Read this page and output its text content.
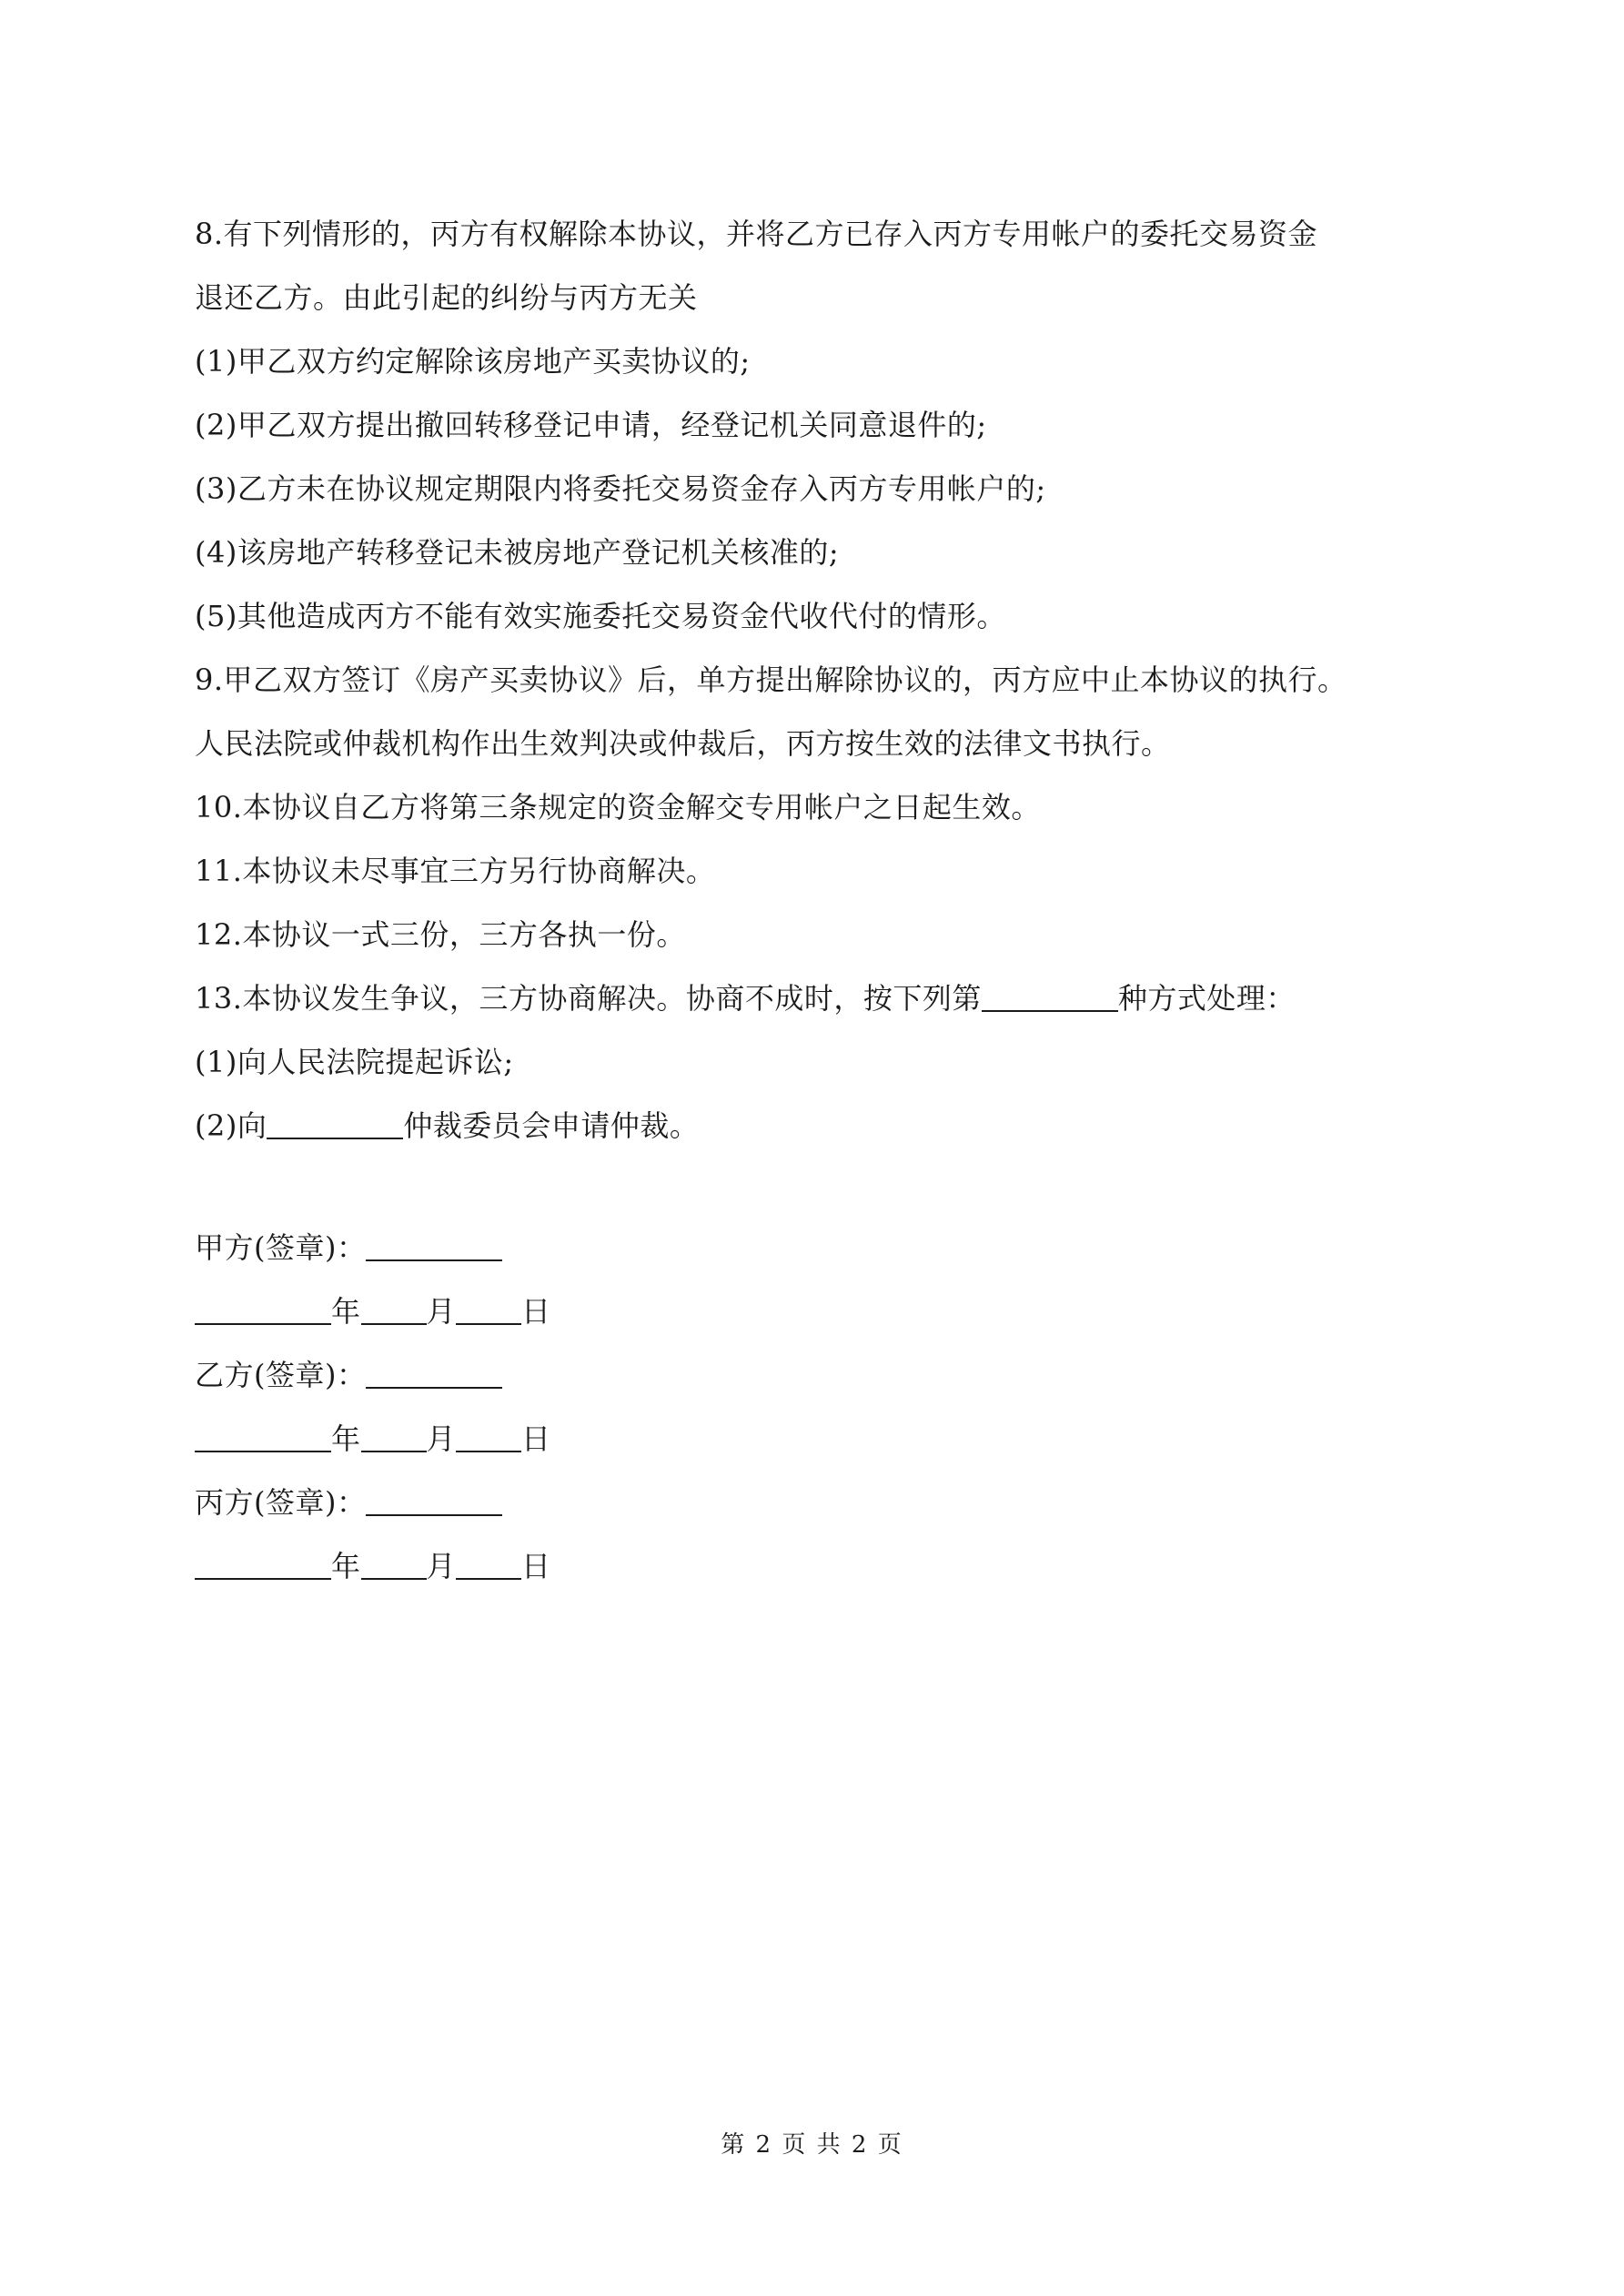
8.有下列情形的，丙方有权解除本协议，并将乙方已存入丙方专用帐户的委托交易资金

退还乙方。由此引起的纠纷与丙方无关

(1)甲乙双方约定解除该房地产买卖协议的;

(2)甲乙双方提出撤回转移登记申请，经登记机关同意退件的;

(3)乙方未在协议规定期限内将委托交易资金存入丙方专用帐户的;

(4)该房地产转移登记未被房地产登记机关核准的;

(5)其他造成丙方不能有效实施委托交易资金代收代付的情形。

9.甲乙双方签订《房产买卖协议》后，单方提出解除协议的，丙方应中止本协议的执行。

人民法院或仲裁机构作出生效判决或仲裁后，丙方按生效的法律文书执行。

10.本协议自乙方将第三条规定的资金解交专用帐户之日起生效。

11.本协议未尽事宜三方另行协商解决。

12.本协议一式三份，三方各执一份。

13.本协议发生争议，三方协商解决。协商不成时，按下列第	种方式处理：

(1)向人民法院提起诉讼;

(2)向	仲裁委员会申请仲裁。

甲方(签章)：

年 月 日

乙方(签章)：

年 月 日

丙方(签章)：

年 月 日

第 2 页 共 2 页
